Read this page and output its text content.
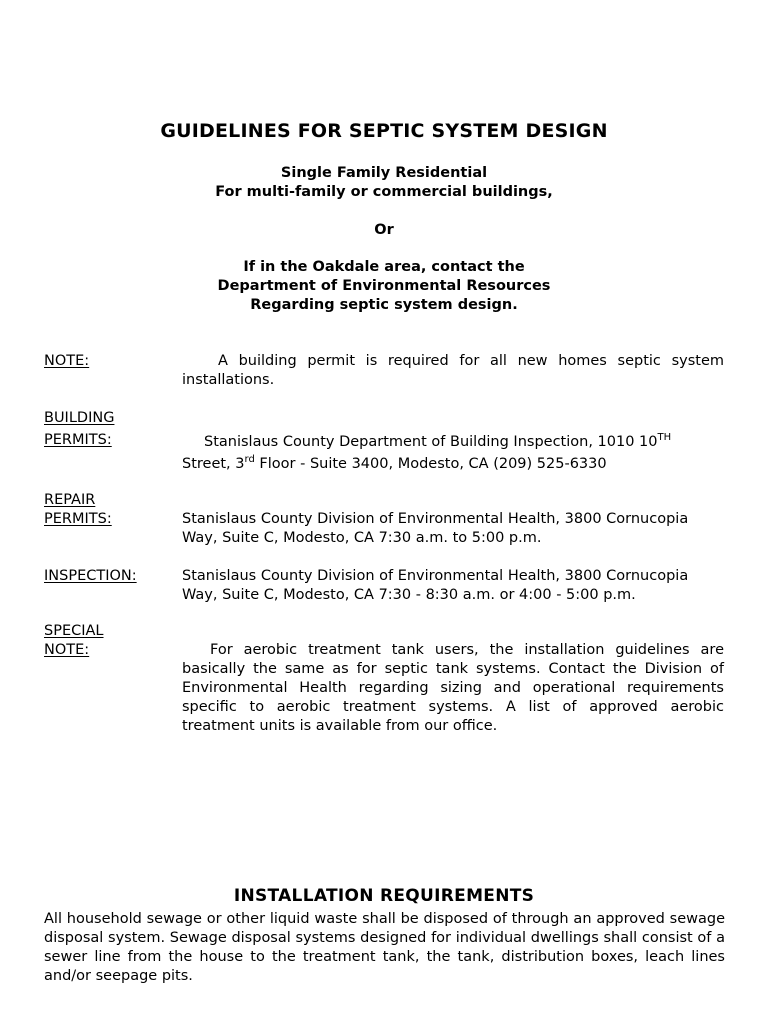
GUIDELINES FOR SEPTIC SYSTEM DESIGN
Single Family Residential
For multi-family or commercial buildings,
Or
If in the Oakdale area, contact the
Department of Environmental Resources
Regarding septic system design.
NOTE:	A building permit is required for all new homes septic system installations.
BUILDING
PERMITS:	Stanislaus County Department of Building Inspection, 1010 10TH Street, 3rd Floor - Suite 3400, Modesto, CA (209) 525-6330
REPAIR
PERMITS:	Stanislaus County Division of Environmental Health, 3800 Cornucopia Way, Suite C, Modesto, CA 7:30 a.m. to 5:00 p.m.
INSPECTION:	Stanislaus County Division of Environmental Health, 3800 Cornucopia Way, Suite C, Modesto, CA 7:30 - 8:30 a.m. or 4:00 - 5:00 p.m.
SPECIAL
NOTE:	For aerobic treatment tank users, the installation guidelines are basically the same as for septic tank systems. Contact the Division of Environmental Health regarding sizing and operational requirements specific to aerobic treatment systems. A list of approved aerobic treatment units is available from our office.
INSTALLATION REQUIREMENTS
All household sewage or other liquid waste shall be disposed of through an approved sewage disposal system. Sewage disposal systems designed for individual dwellings shall consist of a sewer line from the house to the treatment tank, the tank, distribution boxes, leach lines and/or seepage pits.
